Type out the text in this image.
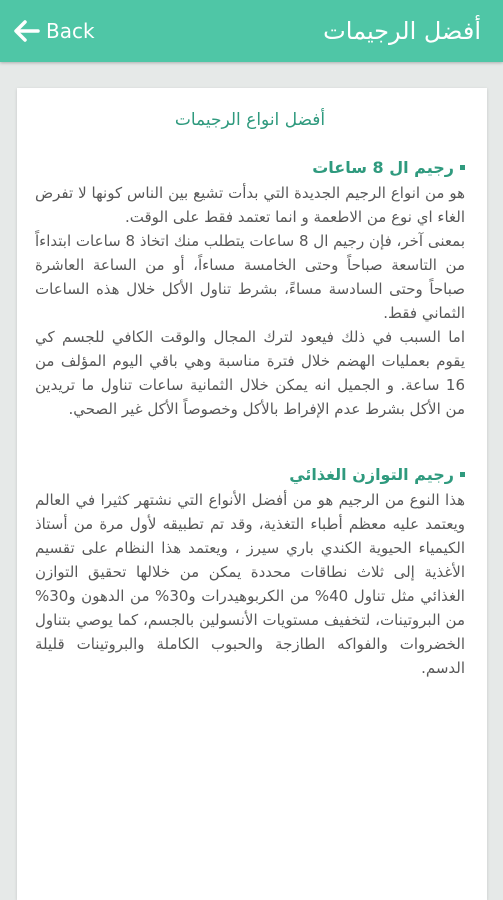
Back	أفضل الرجيمات
أفضل انواع الرجيمات
رجيم ال 8 ساعات

هو من انواع الرجيم الجديدة التي بدأت تشيع بين الناس كونها لا تفرض الغاء اي نوع من الاطعمة و انما تعتمد فقط على الوقت.

بمعنى آخر، فإن رجيم ال 8 ساعات يتطلب منك اتخاذ 8 ساعات ابتداءاً من التاسعة صباحاً وحتى الخامسة مساءاً، أو من الساعة العاشرة صباحاً وحتى السادسة مساءً، بشرط تناول الأكل خلال هذه الساعات الثماني فقط.

اما السبب في ذلك فيعود لترك المجال والوقت الكافي للجسم كي يقوم بعمليات الهضم خلال فترة مناسبة وهي باقي اليوم المؤلف من 16 ساعة. و الجميل انه يمكن خلال الثمانية ساعات تناول ما تريدين من الأكل بشرط عدم الإفراط بالأكل وخصوصاً الأكل غير الصحي.

رجيم التوازن الغذائي

هذا النوع من الرجيم هو من أفضل الأنواع التي نشتهر كثيرا في العالم ويعتمد عليه معظم أطباء التغذية، وقد تم تطبيقه لأول مرة من أستاذ الكيمياء الحيوية الكندي باري سيرز ، ويعتمد هذا النظام على تقسيم الأغذية إلى ثلاث نطاقات محددة يمكن من خلالها تحقيق التوازن الغذائي مثل تناول 40% من الكربوهيدرات و30% من الدهون و30% من البروتينات، لتخفيف مستويات الأنسولين بالجسم، كما يوصي بتناول الخضروات والفواكه الطازجة والحبوب الكاملة والبروتينات قليلة الدسم.
